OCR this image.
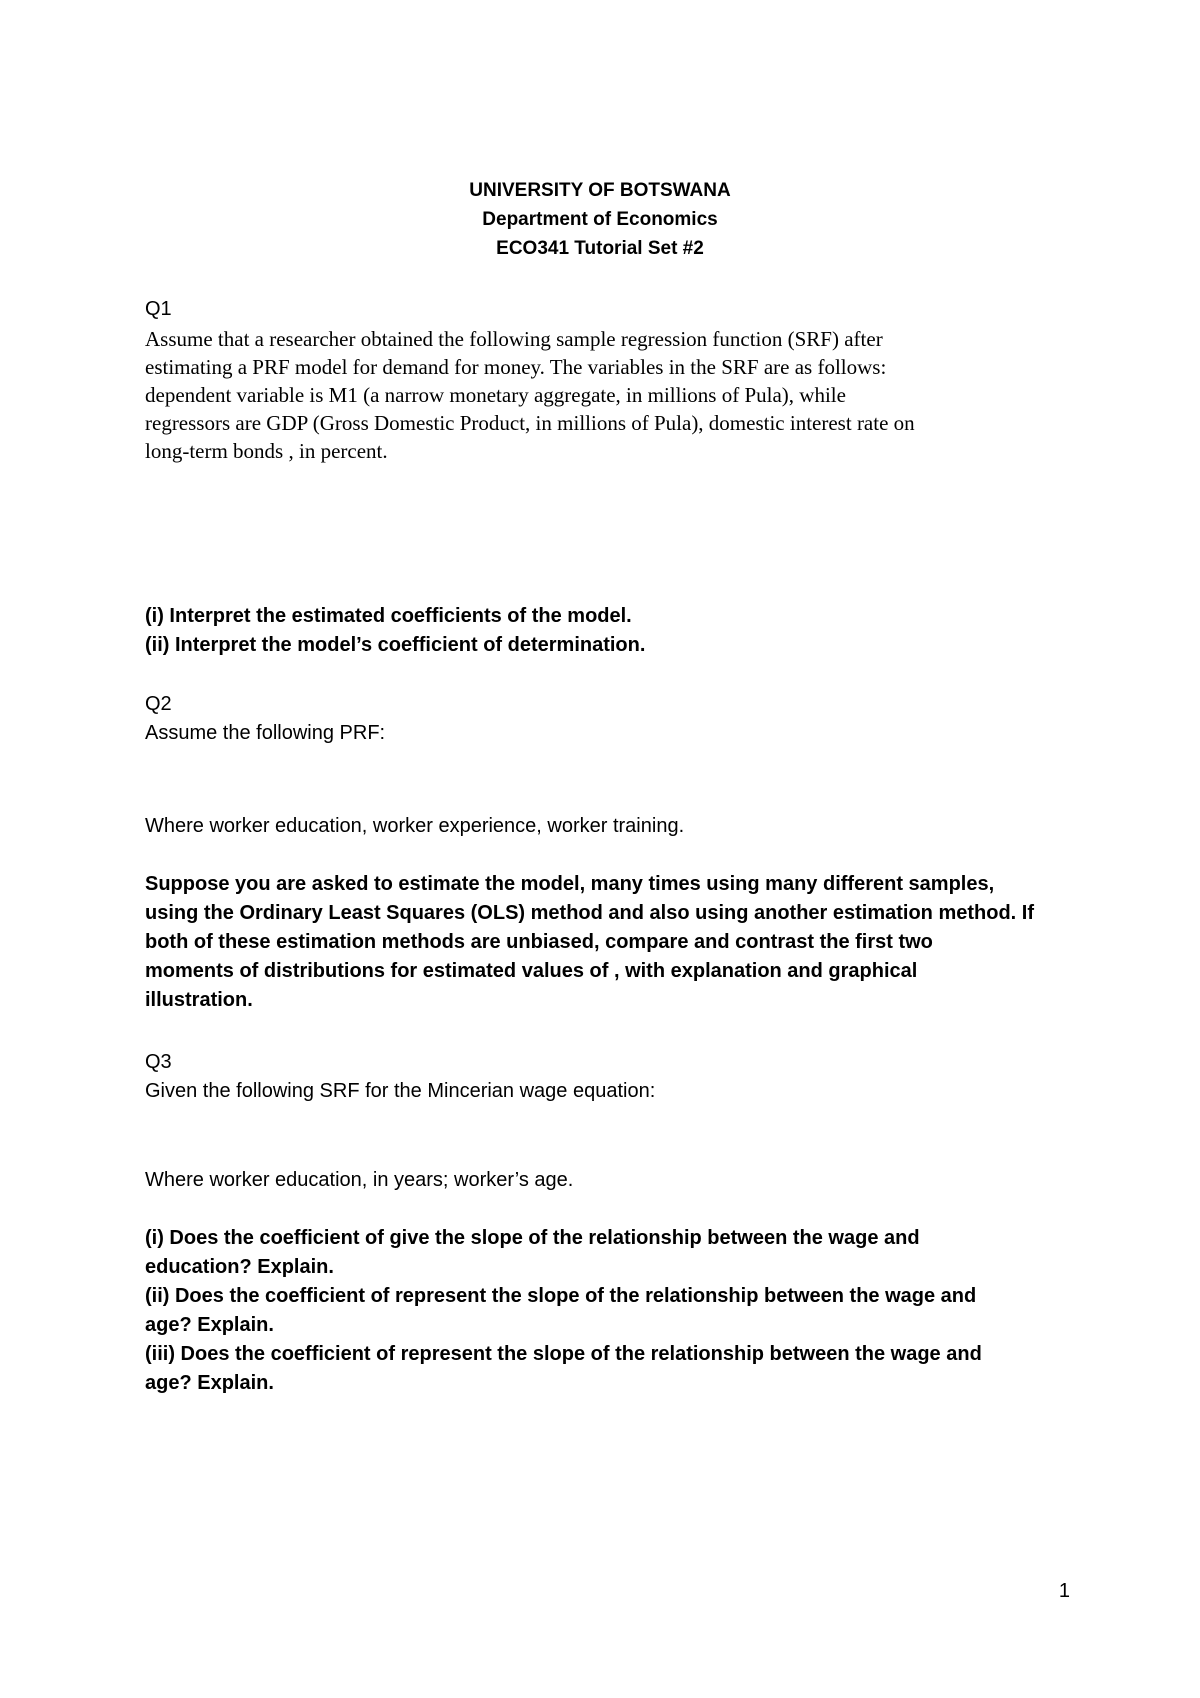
UNIVERSITY OF BOTSWANA
Department of Economics
ECO341 Tutorial Set #2
Q1
Assume that a researcher obtained the following sample regression function (SRF) after
estimating a PRF model for demand for money. The variables in the SRF are as follows:
dependent variable is M1 (a narrow monetary aggregate, in millions of Pula), while
regressors are GDP (Gross Domestic Product, in millions of Pula), domestic interest rate on
long-term bonds , in percent.
(i) Interpret the estimated coefficients of the model.
(ii) Interpret the model’s coefficient of determination.
Q2
Assume the following PRF:
Where worker education, worker experience, worker training.
Suppose you are asked to estimate the model, many times using many different samples,
using the Ordinary Least Squares (OLS) method and also using another estimation method. If
both of these estimation methods are unbiased, compare and contrast the first two
moments of distributions for estimated values of , with explanation and graphical
illustration.
Q3
Given the following SRF for the Mincerian wage equation:
Where worker education, in years; worker’s age.
(i) Does the coefficient of give the slope of the relationship between the wage and
education? Explain.
(ii) Does the coefficient of represent the slope of the relationship between the wage and
age? Explain.
(iii) Does the coefficient of represent the slope of the relationship between the wage and
age? Explain.
1
